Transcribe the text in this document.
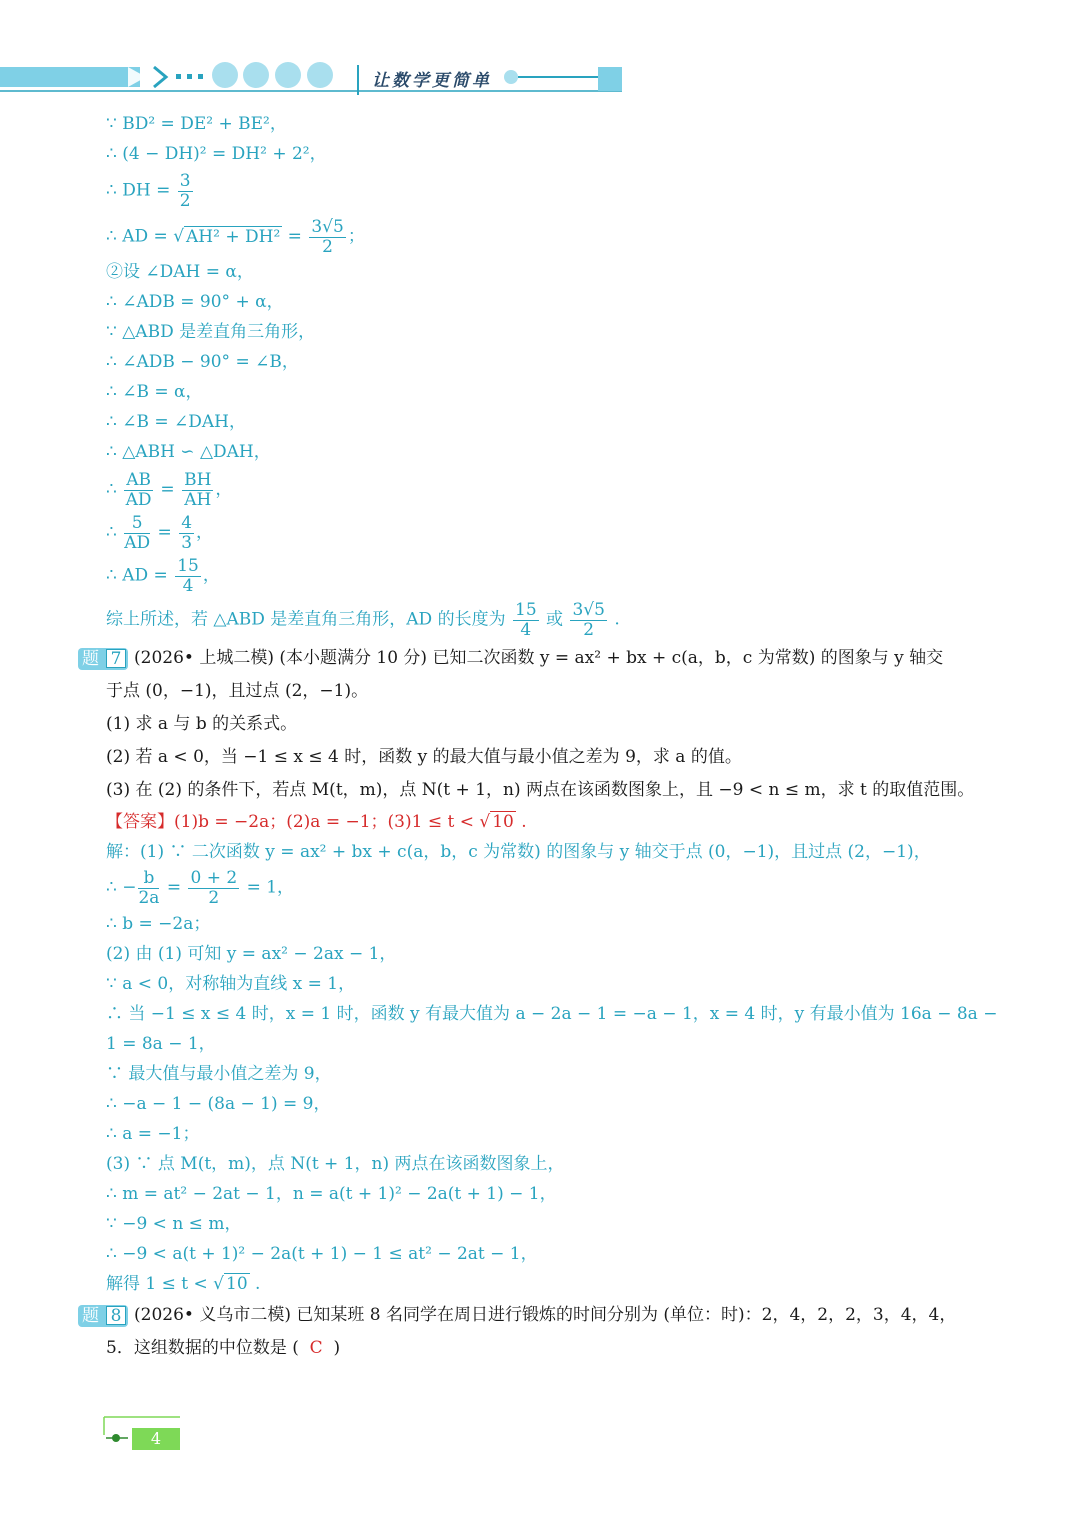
让数学更简单
∵ BD² = DE² + BE²，
∴ (4 − DH)² = DH² + 2²，
∴ DH = $\frac{3}{2}$
∴ AD = √ $AH^2 + DH^2 = \frac{3√5}{2}$ ；
②设 ∠DAH = α，
∴ ∠ADB = 90° + α，
∵ △ABD 是差直角三角形，
∴ ∠ADB − 90° = ∠B，
∴ ∠B = α，
∴ ∠B = ∠DAH，
∴ △ABH ∽ △DAH，
∴ $\frac{AB}{AD} = \frac{BH}{AH}$ ，
∴ $\frac{5}{AD} = \frac{4}{3}$ ，
∴ AD = $\frac{15}{4}$ ，
综上所述，若 △ABD 是差直角三角形，AD 的长度为 $\frac{15}{4}$ 或 $\frac{3√5}{2}$ .
题 7 (2026• 上城二模) (本小题满分 10 分) 已知二次函数 y = ax² + bx + c(a，b，c 为常数) 的图象与 y 轴交
于点 (0，−1)，且过点 (2，−1)。
(1) 求 a 与 b 的关系式。
(2) 若 a < 0，当 −1 ≤ x ≤ 4 时，函数 y 的最大值与最小值之差为 9，求 a 的值。
(3) 在 (2) 的条件下，若点 M(t，m)，点 N(t + 1，n) 两点在该函数图象上，且 −9 < n ≤ m，求 t 的取值范围。
【答案】(1)b = −2a；(2)a = −1；(3)1 ≤ t < √ 10 .
解：(1) ∵ 二次函数 y = ax² + bx + c(a，b，c 为常数) 的图象与 y 轴交于点 (0，−1)，且过点 (2，−1)，
∴ − $\frac{b}{2a} = \frac{0 + 2}{2} = 1$，
∴ b = −2a；
(2) 由 (1) 可知 y = ax² − 2ax − 1，
∵ a < 0，对称轴为直线 x = 1，
∴ 当 −1 ≤ x ≤ 4 时，x = 1 时，函数 y 有最大值为 a − 2a − 1 = −a − 1，x = 4 时，y 有最小值为 16a − 8a −
1 = 8a − 1，
∵ 最大值与最小值之差为 9，
∴ −a − 1 − (8a − 1) = 9，
∴ a = −1；
(3) ∵ 点 M(t，m)，点 N(t + 1，n) 两点在该函数图象上，
∴ m = at² − 2at − 1，n = a(t + 1)² − 2a(t + 1) − 1，
∵ −9 < n ≤ m，
∴ −9 < a(t + 1)² − 2a(t + 1) − 1 ≤ at² − 2at − 1，
解得 1 ≤ t < √ 10 .
题 8 (2026• 义乌市二模) 已知某班 8 名同学在周日进行锻炼的时间分别为 (单位：时)：2，4，2，2，3，4，4，
5．这组数据的中位数是 ( C )
4
